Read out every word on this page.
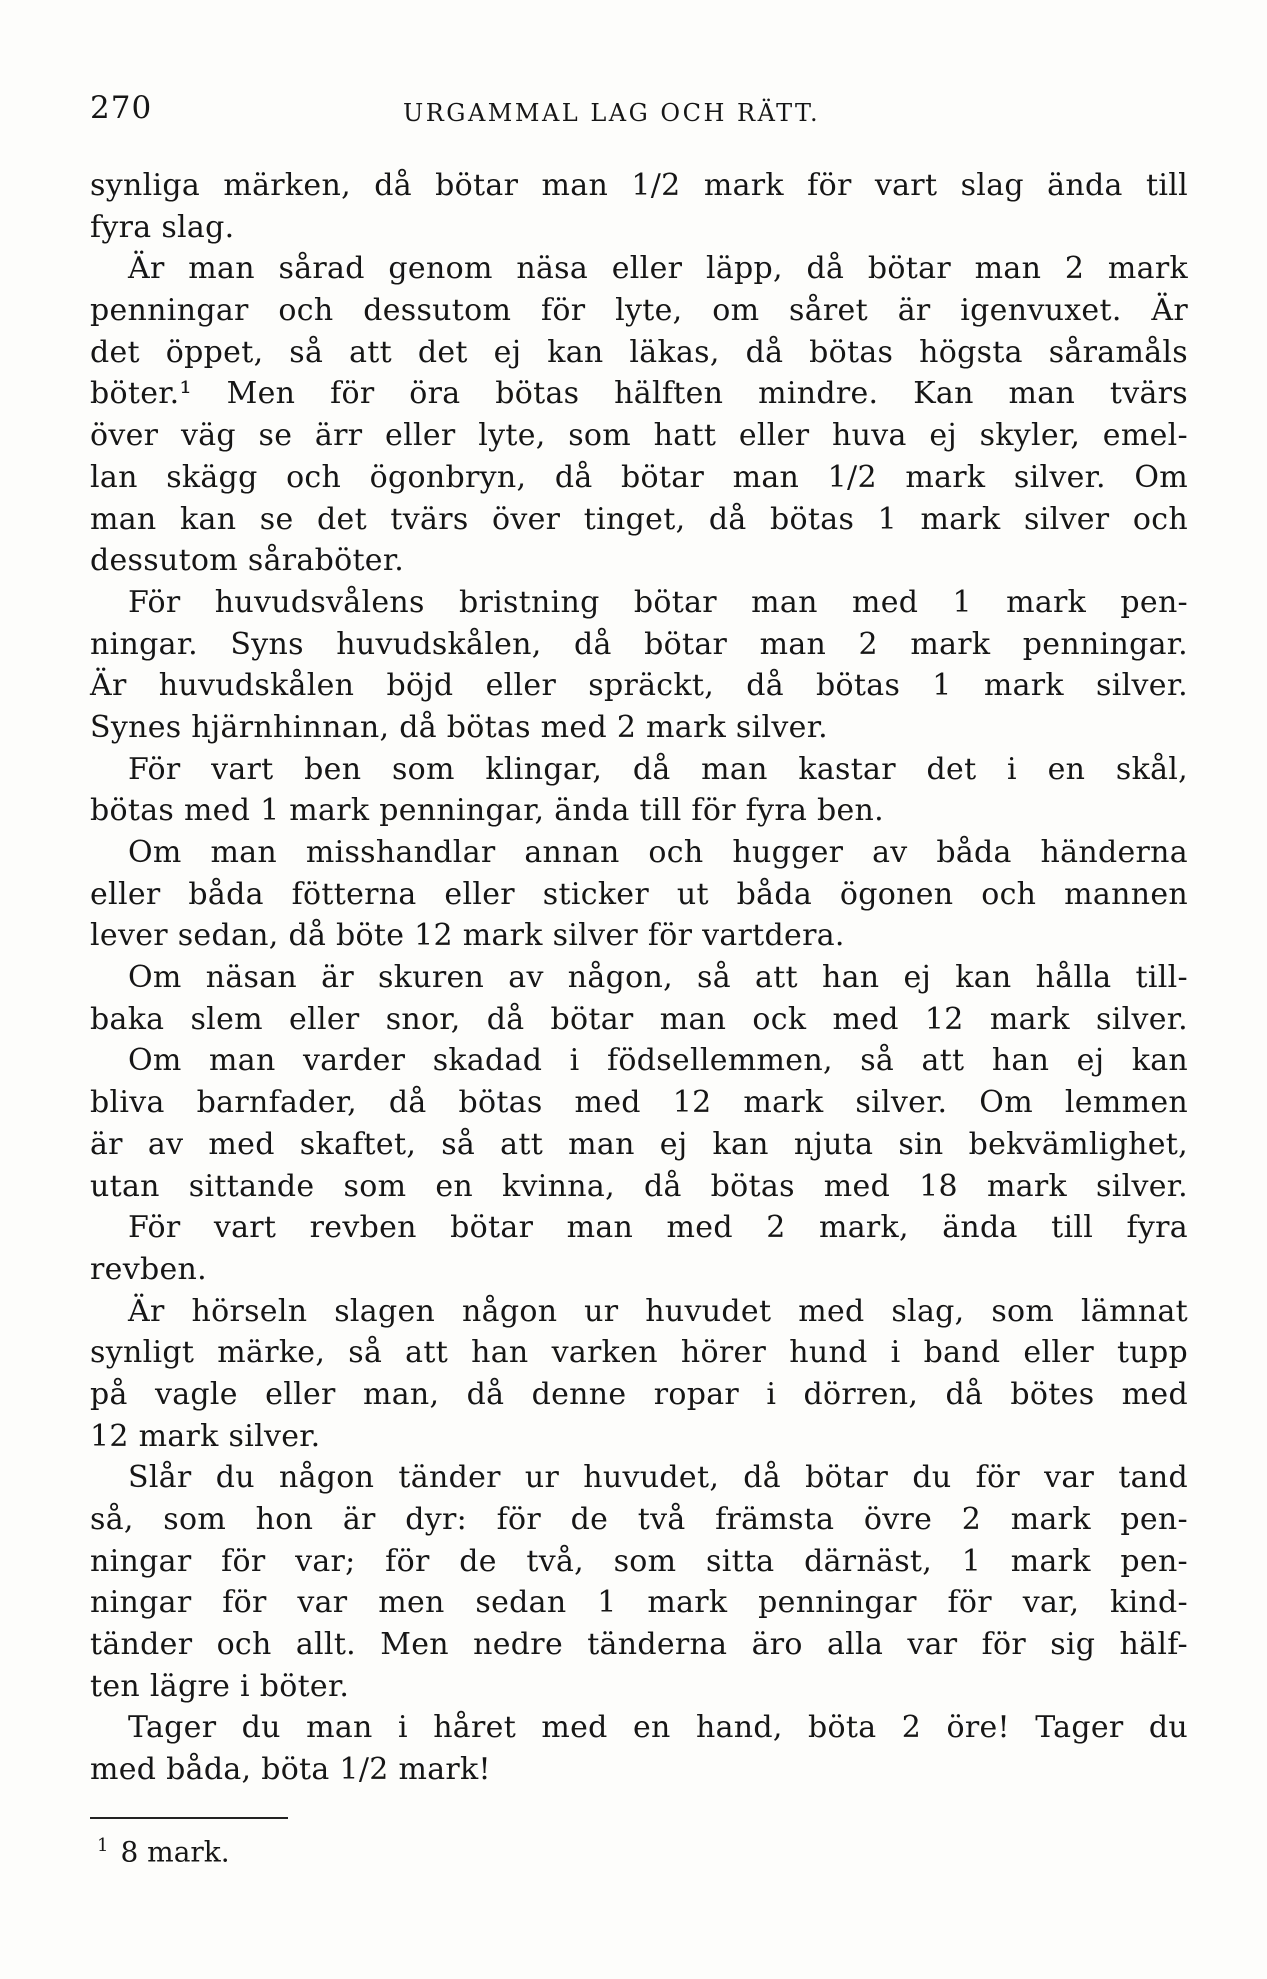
270	URGAMMAL LAG OCH RÄTT.
synliga märken, då bötar man 1/2 mark för vart slag ända till
fyra slag.
Är man sårad genom näsa eller läpp, då bötar man 2 mark
penningar och dessutom för lyte, om såret är igenvuxet. Är
det öppet, så att det ej kan läkas, då bötas högsta såramåls
böter.¹ Men för öra bötas hälften mindre. Kan man tvärs
över väg se ärr eller lyte, som hatt eller huva ej skyler, emel-
lan skägg och ögonbryn, då bötar man 1/2 mark silver. Om
man kan se det tvärs över tinget, då bötas 1 mark silver och
dessutom såraböter.
För huvudsvålens bristning bötar man med 1 mark pen-
ningar. Syns huvudskålen, då bötar man 2 mark penningar.
Är huvudskålen böjd eller spräckt, då bötas 1 mark silver.
Synes hjärnhinnan, då bötas med 2 mark silver.
För vart ben som klingar, då man kastar det i en skål,
bötas med 1 mark penningar, ända till för fyra ben.
Om man misshandlar annan och hugger av båda händerna
eller båda fötterna eller sticker ut båda ögonen och mannen
lever sedan, då böte 12 mark silver för vartdera.
Om näsan är skuren av någon, så att han ej kan hålla till-
baka slem eller snor, då bötar man ock med 12 mark silver.
Om man varder skadad i födsellemmen, så att han ej kan
bliva barnfader, då bötas med 12 mark silver. Om lemmen
är av med skaftet, så att man ej kan njuta sin bekvämlighet,
utan sittande som en kvinna, då bötas med 18 mark silver.
För vart revben bötar man med 2 mark, ända till fyra
revben.
Är hörseln slagen någon ur huvudet med slag, som lämnat
synligt märke, så att han varken hörer hund i band eller tupp
på vagle eller man, då denne ropar i dörren, då bötes med
12 mark silver.
Slår du någon tänder ur huvudet, då bötar du för var tand
så, som hon är dyr: för de två främsta övre 2 mark pen-
ningar för var; för de två, som sitta därnäst, 1 mark pen-
ningar för var men sedan 1 mark penningar för var, kind-
tänder och allt. Men nedre tänderna äro alla var för sig hälf-
ten lägre i böter.
Tager du man i håret med en hand, böta 2 öre! Tager du
med båda, böta 1/2 mark!
$^1$ 8 mark.
